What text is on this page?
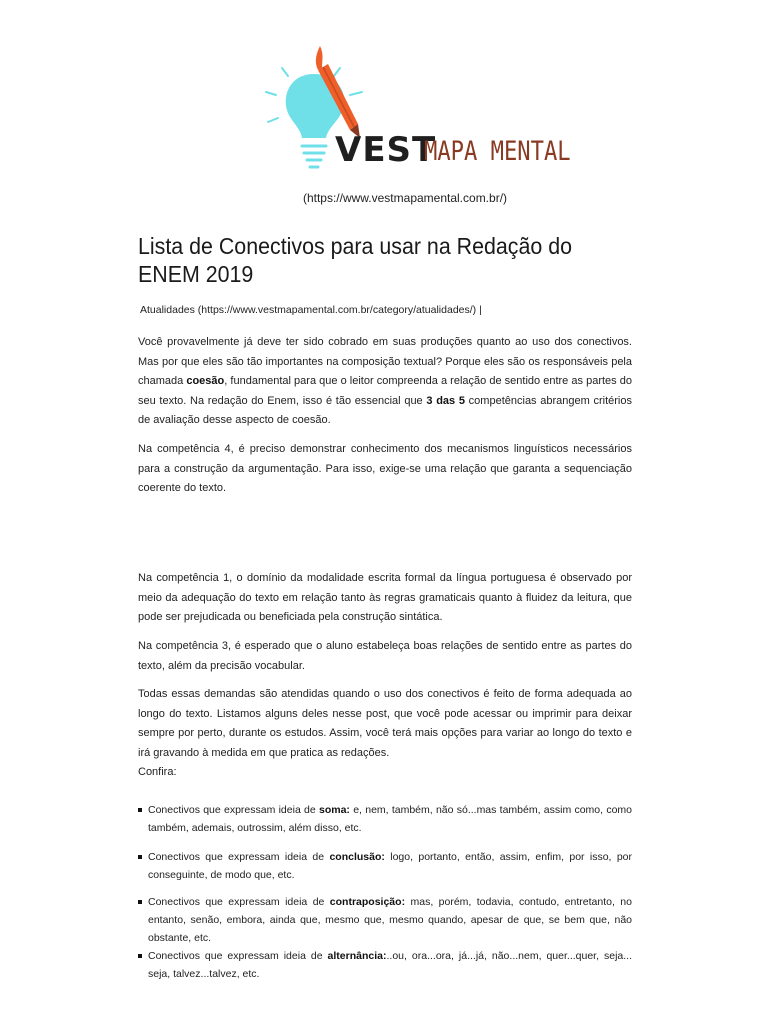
VEST
MAPA MENTAL
(https://www.vestmapamental.com.br/)
Lista de Conectivos para usar na Redação do ENEM 2019
Atualidades (https://www.vestmapamental.com.br/category/atualidades/) |

Você provavelmente já deve ter sido cobrado em suas produções quanto ao uso dos conectivos. Mas por que eles são tão importantes na composição textual? Porque eles são os responsáveis pela chamada coesão, fundamental para que o leitor compreenda a relação de sentido entre as partes do seu texto. Na redação do Enem, isso é tão essencial que 3 das 5 competências abrangem critérios de avaliação desse aspecto de coesão.

Na competência 4, é preciso demonstrar conhecimento dos mecanismos linguísticos necessários para a construção da argumentação. Para isso, exige-se uma relação que garanta a sequenciação coerente do texto.

Na competência 1, o domínio da modalidade escrita formal da língua portuguesa é observado por meio da adequação do texto em relação tanto às regras gramaticais quanto à fluidez da leitura, que pode ser prejudicada ou beneficiada pela construção sintática.

Na competência 3, é esperado que o aluno estabeleça boas relações de sentido entre as partes do texto, além da precisão vocabular.

Todas essas demandas são atendidas quando o uso dos conectivos é feito de forma adequada ao longo do texto. Listamos alguns deles nesse post, que você pode acessar ou imprimir para deixar sempre por perto, durante os estudos. Assim, você terá mais opções para variar ao longo do texto e irá gravando à medida em que pratica as redações.

Confira:

Conectivos que expressam ideia de soma: e, nem, também, não só...mas também, assim como, como também, ademais, outrossim, além disso, etc.
Conectivos que expressam ideia de conclusão: logo, portanto, então, assim, enfim, por isso, por conseguinte, de modo que, etc.
Conectivos que expressam ideia de contraposição: mas, porém, todavia, contudo, entretanto, no entanto, senão, embora, ainda que, mesmo que, mesmo quando, apesar de que, se bem que, não obstante, etc.
Conectivos que expressam ideia de alternância:..ou, ora...ora, já...já, não...nem, quer...quer, seja... seja, talvez...talvez, etc.
